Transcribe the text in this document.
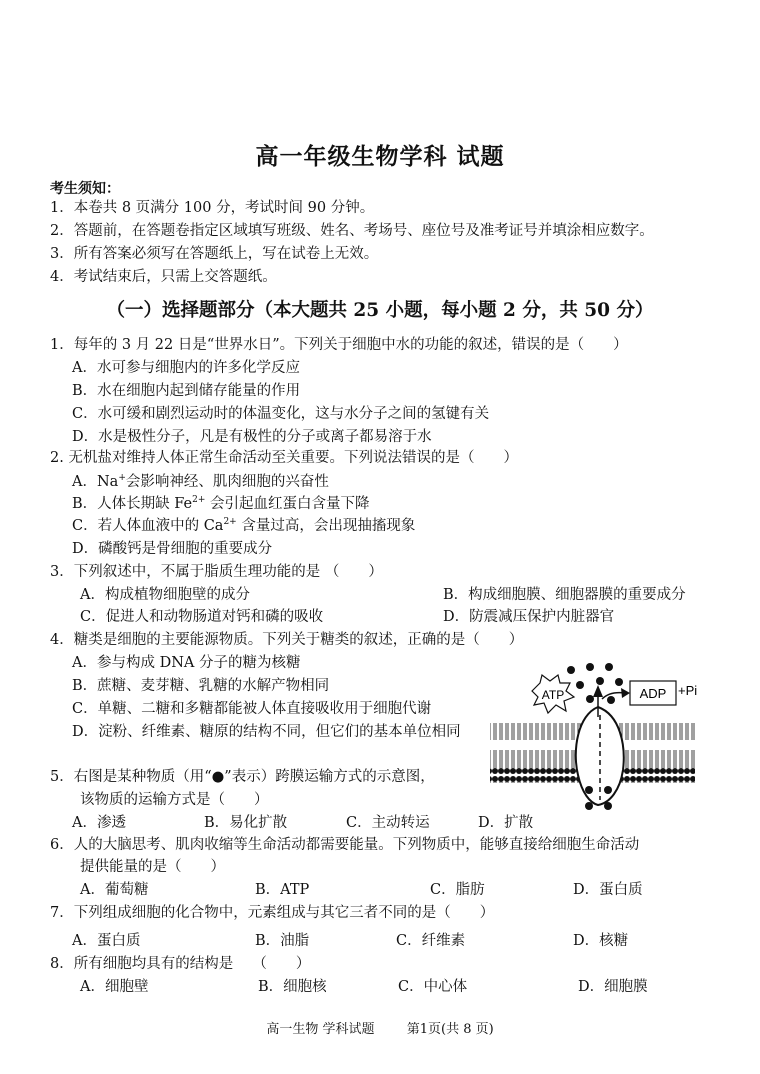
高一年级生物学科 试题
考生须知：
1．本卷共 8 页满分 100 分，考试时间 90 分钟。
2．答题前，在答题卷指定区域填写班级、姓名、考场号、座位号及准考证号并填涂相应数字。
3．所有答案必须写在答题纸上，写在试卷上无效。
4．考试结束后，只需上交答题纸。
（一）选择题部分（本大题共 25 小题，每小题 2 分，共 50 分）
1．每年的 3 月 22 日是“世界水日”。下列关于细胞中水的功能的叙述，错误的是（　　）
A．水可参与细胞内的许多化学反应
B．水在细胞内起到储存能量的作用
C．水可缓和剧烈运动时的体温变化，这与水分子之间的氢键有关
D．水是极性分子，凡是有极性的分子或离子都易溶于水
2. 无机盐对维持人体正常生命活动至关重要。下列说法错误的是（　　）
A．Na+会影响神经、肌肉细胞的兴奋性
B．人体长期缺 $Fe^{2+}$ 会引起血红蛋白含量下降
C．若人体血液中的 $Ca^{2+}$ 含量过高，会出现抽搐现象
D．磷酸钙是骨细胞的重要成分
3．下列叙述中，不属于脂质生理功能的是 （　　）
A．构成植物细胞壁的成分	B．构成细胞膜、细胞器膜的重要成分
C．促进人和动物肠道对钙和磷的吸收	D．防震减压保护内脏器官
4．糖类是细胞的主要能源物质。下列关于糖类的叙述，正确的是（　　）
A．参与构成 DNA 分子的糖为核糖
B．蔗糖、麦芽糖、乳糖的水解产物相同
C．单糖、二糖和多糖都能被人体直接吸收用于细胞代谢
D．淀粉、纤维素、糖原的结构不同，但它们的基本单位相同
ATP	ADP +Pi
5．右图是某种物质（用“●”表示）跨膜运输方式的示意图，
该物质的运输方式是（　　）
A．渗透	B．易化扩散	C．主动转运	D．扩散
6．人的大脑思考、肌肉收缩等生命活动都需要能量。下列物质中，能够直接给细胞生命活动
提供能量的是（　　）
A．葡萄糖	B．ATP	C．脂肪	D．蛋白质
7．下列组成细胞的化合物中，元素组成与其它三者不同的是（　　）
A．蛋白质	B．油脂	C．纤维素	D．核糖
8．所有细胞均具有的结构是　 （　　）
A．细胞壁	B．细胞核	C．中心体	D．细胞膜
高一生物 学科试题 第1页(共 8 页)
